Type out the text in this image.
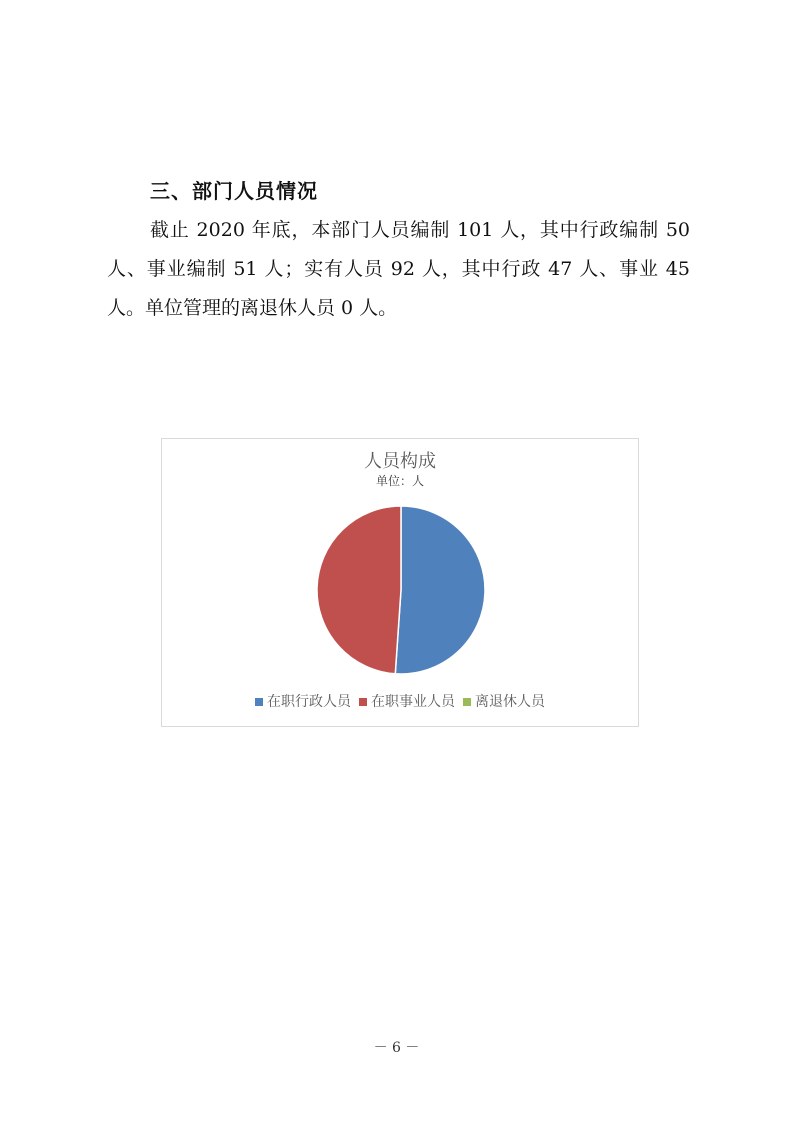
三、部门人员情况

截止 2020 年底，本部门人员编制 101 人，其中行政编制 50

人、事业编制 51 人；实有人员 92 人，其中行政 47 人、事业 45

人。单位管理的离退休人员 0 人。

人员构成
单位：人
在职行政人员 在职事业人员 离退休人员
－ 6 －
